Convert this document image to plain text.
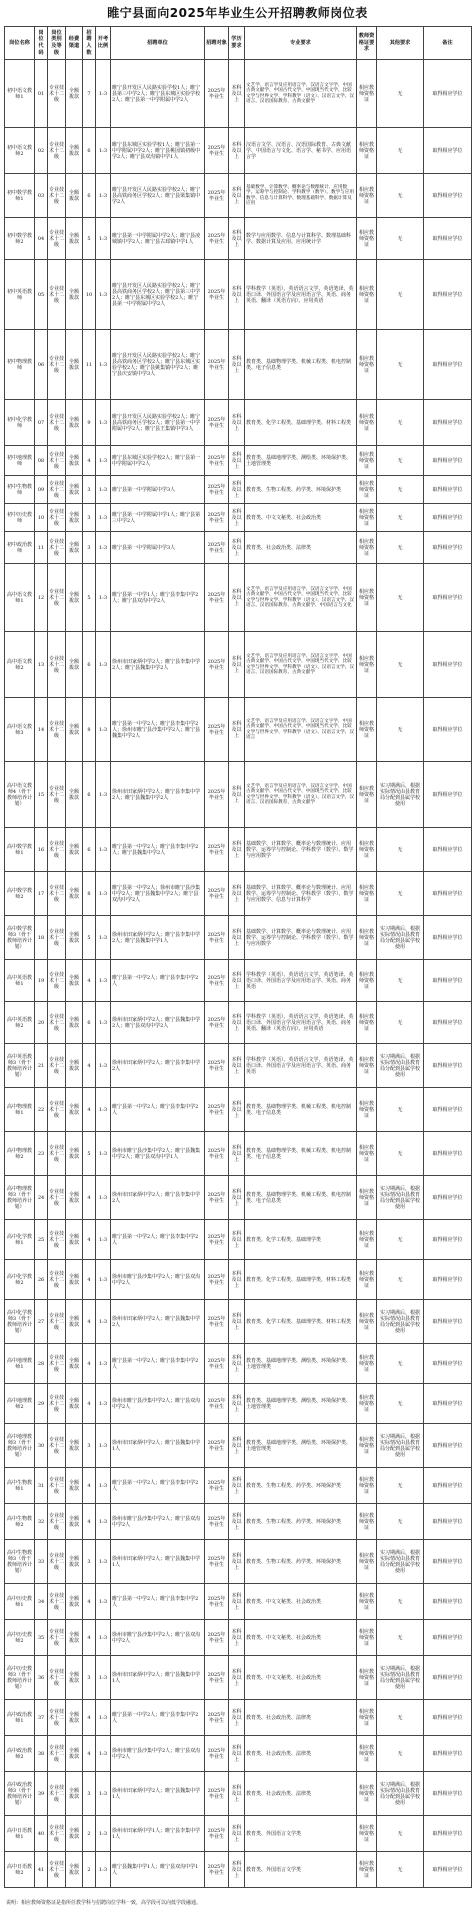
睢宁县面向2025年毕业生公开招聘教师岗位表
岗位名称	岗位代码	岗位类别及等级	经费渠道	招聘人数	开考比例	招聘单位	招聘对象	学历要求	专业要求	教师资格证要求	其他要求	备注
初中语文教师1	01	专业技术十二级	全额拨款	7	1:3	睢宁县开发区人民路实验学校1人；睢宁县第三中学2人；睢宁县东城区实验学校2人；睢宁县第一中学附属中学2人	2025年毕业生	本科及以上	文艺学、语言学及应用语言学、汉语言文字学、中国古典文献学、中国古代文学、中国现当代文学、比较文学与世界文学、学科教学（语文）、汉语言文学、汉语言、汉语国际教育、古典文献学	相应教师资格证	无	取得相应学位
初中语文教师2	02	专业技术十二级	全额拨款	6	1:3	睢宁县东城区实验学校1人；睢宁县第一中学附属中学2人；睢宁县桃园镇初级中学2人；睢宁县双沟镇中学1人	2025年毕业生	本科及以上	汉语言文学、汉语言、汉语国际教育、古典文献学、中国语言与文化、语言学、秘书学、应用语言学	相应教师资格证	无	取得相应学位
初中数学教师1	03	专业技术十二级	全额拨款	6	1:3	睢宁县开发区人民路实验学校2人；睢宁县高铁商务区学校2人；睢宁县梁集镇中学2人	2025年毕业生	本科及以上	基础数学、计算数学、概率论与数理统计、应用数学、运筹学与控制论、学科教学（数学）、数学与应用数学、信息与计算科学、数理基础科学、数据计算及应用	相应教师资格证	无	取得相应学位
初中数学教师2	04	专业技术十二级	全额拨款	5	1:3	睢宁县第一中学附属中学2人；睢宁县凌城镇中学2人；睢宁县古邳镇中学1人	2025年毕业生	本科及以上	数学与应用数学、信息与计算科学、数理基础科学、数据计算及应用、应用统计学	相应教师资格证	无	取得相应学位
初中英语教师	05	专业技术十二级	全额拨款	10	1:3	睢宁县开发区人民路实验学校2人；睢宁县高铁商务区学校2人；睢宁县第三中学2人；睢宁县东城区实验学校2人；睢宁县第一中学附属中学2人	2025年毕业生	本科及以上	学科教学（英语）、英语语言文学、英语笔译、英语口译、外国语言学及应用语言学、英语、商务英语、翻译（英语方向）、应用英语	相应教师资格证	无	取得相应学位
初中物理教师	06	专业技术十二级	全额拨款	11	1:3	睢宁县开发区人民路实验学校2人；睢宁县高铁商务区学校2人；睢宁县东城区实验学校2人；睢宁县姚集镇中学2人；睢宁县庆安镇中学3人	2025年毕业生	本科及以上	教育类、基础物理学类、机械工程类、机电控制类、电子信息类	相应教师资格证	无	取得相应学位
初中化学教师	07	专业技术十二级	全额拨款	9	1:3	睢宁县开发区人民路实验学校2人；睢宁县高铁商务区学校2人；睢宁县第一中学附属中学2人；睢宁县王集镇中学3人	2025年毕业生	本科及以上	教育类、化学工程类、基础理学类、材料工程类	相应教师资格证	无	取得相应学位
初中地理教师	08	专业技术十二级	全额拨款	4	1:3	睢宁县东城区实验学校2人；睢宁县第一中学附属中学2人	2025年毕业生	本科及以上	教育类、基础地理学类、测绘类、环境保护类、土地管理类	相应教师资格证	无	取得相应学位
初中生物教师	09	专业技术十二级	全额拨款	3	1:3	睢宁县第一中学附属中学3人	2025年毕业生	本科及以上	教育类、生物工程类、药学类、环境保护类	相应教师资格证	无	取得相应学位
初中历史教师	10	专业技术十二级	全额拨款	3	1:3	睢宁县第一中学附属中学1人；睢宁县第三中学2人	2025年毕业生	本科及以上	教育类、中文文秘类、社会政治类	相应教师资格证	无	取得相应学位
初中政治教师	11	专业技术十二级	全额拨款	3	1:3	睢宁县第一中学附属中学3人	2025年毕业生	本科及以上	教育类、社会政治类、法律类	相应教师资格证	无	取得相应学位
高中语文教师1	12	专业技术十二级	全额拨款	5	1:3	睢宁县第一中学1人；睢宁县李集中学2人；睢宁县双沟中学2人	2025年毕业生	本科及以上	文艺学、语言学及应用语言学、汉语言文字学、中国古典文献学、中国古代文学、中国现当代文学、比较文学与世界文学、学科教学（语文）、汉语言文学、汉语言、汉语国际教育、古典文献学、中国语言与文化	相应教师资格证	无	取得相应学位
高中语文教师2	13	专业技术十二级	全额拨款	6	1:3	徐州市田家炳中学2人；睢宁县李集中学2人；睢宁县魏集中学2人	2025年毕业生	本科及以上	文艺学、语言学及应用语言学、汉语言文字学、中国古典文献学、中国古代文学、中国现当代文学、比较文学与世界文学、学科教学（语文）、汉语言文学、汉语言、汉语国际教育、古典文献学	相应教师资格证	无	取得相应学位
高中语文教师3	14	专业技术十二级	全额拨款	8	1:3	睢宁县第一中学2人；睢宁县李集中学2人；徐州市睢宁县沙集中学2人；睢宁县魏集中学2人	2025年毕业生	本科及以上	文艺学、语言学及应用语言学、汉语言文字学、中国古典文献学、中国古代文学、中国现当代文学、比较文学与世界文学、学科教学（语文）、汉语言文学、汉语言	相应教师资格证	无	取得相应学位
高中语文教师4（骨干教师培养计划）	15	专业技术十二级	全额拨款	6	1:3	徐州市田家炳中学2人；睢宁县李集中学2人；睢宁县魏集中学2人	2025年毕业生	本科及以上	文艺学、语言学及应用语言学、汉语言文字学、中国古典文献学、中国古代文学、中国现当代文学、比较文学与世界文学、学科教学（语文）、汉语言文学、汉语言、汉语国际教育、古典文献学	相应教师资格证	实习期满后，根据实际情况由县教育局分配到县属学校使用	取得相应学位
高中数学教师1	16	专业技术十二级	全额拨款	6	1:3	睢宁县第一中学2人；睢宁县李集中学2人；睢宁县魏集中学2人	2025年毕业生	本科及以上	基础数学、计算数学、概率论与数理统计、应用数学、运筹学与控制论、学科教学（数学）、数学与应用数学	相应教师资格证	无	取得相应学位
高中数学教师2	17	专业技术十二级	全额拨款	8	1:3	睢宁县第一中学2人；徐州市睢宁县沙集中学2人；睢宁县魏集中学2人；睢宁县双沟中学2人	2025年毕业生	本科及以上	基础数学、计算数学、概率论与数理统计、应用数学、运筹学与控制论、学科教学（数学）、数学与应用数学、信息与计算科学	相应教师资格证	无	取得相应学位
高中数学教师3（骨干教师培养计划）	18	专业技术十二级	全额拨款	5	1:3	徐州市田家炳中学2人；睢宁县李集中学2人；睢宁县魏集中学1人	2025年毕业生	本科及以上	基础数学、计算数学、概率论与数理统计、应用数学、运筹学与控制论、学科教学（数学）、数学与应用数学	相应教师资格证	实习期满后，根据实际情况由县教育局分配到县属学校使用	取得相应学位
高中英语教师1	19	专业技术十二级	全额拨款	4	1:3	睢宁县第一中学2人；睢宁县李集中学2人	2025年毕业生	本科及以上	学科教学（英语）、英语语言文学、英语笔译、英语口译、外国语言学及应用语言学、英语、商务英语	相应教师资格证	无	取得相应学位
高中英语教师2	20	专业技术十二级	全额拨款	6	1:3	徐州市田家炳中学2人；睢宁县魏集中学2人；睢宁县双沟中学2人	2025年毕业生	本科及以上	学科教学（英语）、英语语言文学、英语笔译、英语口译、外国语言学及应用语言学、英语、商务英语、翻译（英语方向）、应用英语	相应教师资格证	无	取得相应学位
高中英语教师3（骨干教师培养计划）	21	专业技术十二级	全额拨款	4	1:3	徐州市田家炳中学2人；睢宁县李集中学2人	2025年毕业生	本科及以上	学科教学（英语）、英语语言文学、英语笔译、英语口译、外国语言学及应用语言学、英语、商务英语	相应教师资格证	实习期满后，根据实际情况由县教育局分配到县属学校使用	取得相应学位
高中物理教师1	22	专业技术十二级	全额拨款	4	1:3	睢宁县第一中学2人；睢宁县李集中学2人	2025年毕业生	本科及以上	教育类、基础物理学类、机械工程类、机电控制类、电子信息类	相应教师资格证	无	取得相应学位
高中物理教师2	23	专业技术十二级	全额拨款	5	1:3	徐州市睢宁县沙集中学2人；睢宁县魏集中学2人；睢宁县双沟中学1人	2025年毕业生	本科及以上	教育类、基础物理学类、机械工程类、机电控制类、电子信息类	相应教师资格证	无	取得相应学位
高中物理教师3（骨干教师培养计划）	24	专业技术十二级	全额拨款	4	1:3	徐州市田家炳中学2人；睢宁县李集中学2人	2025年毕业生	本科及以上	教育类、基础物理学类、机械工程类、机电控制类、电子信息类	相应教师资格证	实习期满后，根据实际情况由县教育局分配到县属学校使用	取得相应学位
高中化学教师1	25	专业技术十二级	全额拨款	4	1:3	睢宁县第一中学2人；睢宁县李集中学2人	2025年毕业生	本科及以上	教育类、化学工程类、基础理学类	相应教师资格证	无	取得相应学位
高中化学教师2	26	专业技术十二级	全额拨款	4	1:3	徐州市睢宁县沙集中学2人；睢宁县双沟中学2人	2025年毕业生	本科及以上	教育类、化学工程类、基础理学类、材料工程类	相应教师资格证	无	取得相应学位
高中化学教师3（骨干教师培养计划）	27	专业技术十二级	全额拨款	4	1:3	徐州市田家炳中学2人；睢宁县魏集中学2人	2025年毕业生	本科及以上	教育类、化学工程类、基础理学类、材料工程类	相应教师资格证	实习期满后，根据实际情况由县教育局分配到县属学校使用	取得相应学位
高中地理教师1	28	专业技术十二级	全额拨款	4	1:3	睢宁县第一中学2人；睢宁县李集中学2人	2025年毕业生	本科及以上	教育类、基础地理学类、测绘类、环境保护类、土地管理类	相应教师资格证	无	取得相应学位
高中地理教师2	29	专业技术十二级	全额拨款	4	1:3	徐州市睢宁县沙集中学2人；睢宁县双沟中学2人	2025年毕业生	本科及以上	教育类、基础地理学类、测绘类、环境保护类、土地管理类	相应教师资格证	无	取得相应学位
高中地理教师3（骨干教师培养计划）	30	专业技术十二级	全额拨款	3	1:3	徐州市田家炳中学2人；睢宁县魏集中学1人	2025年毕业生	本科及以上	教育类、基础地理学类、测绘类、环境保护类、土地管理类	相应教师资格证	实习期满后，根据实际情况由县教育局分配到县属学校使用	取得相应学位
高中生物教师1	31	专业技术十二级	全额拨款	4	1:3	睢宁县第一中学2人；睢宁县李集中学2人	2025年毕业生	本科及以上	教育类、生物工程类、药学类、环境保护类	相应教师资格证	无	取得相应学位
高中生物教师2	32	专业技术十二级	全额拨款	4	1:3	徐州市睢宁县沙集中学2人；睢宁县双沟中学2人	2025年毕业生	本科及以上	教育类、生物工程类、药学类、环境保护类	相应教师资格证	无	取得相应学位
高中生物教师3（骨干教师培养计划）	33	专业技术十二级	全额拨款	3	1:3	徐州市田家炳中学2人；睢宁县魏集中学1人	2025年毕业生	本科及以上	教育类、生物工程类、药学类、环境保护类	相应教师资格证	实习期满后，根据实际情况由县教育局分配到县属学校使用	取得相应学位
高中历史教师1	34	专业技术十二级	全额拨款	4	1:3	睢宁县第一中学2人；睢宁县李集中学2人	2025年毕业生	本科及以上	教育类、中文文秘类、社会政治类	相应教师资格证	无	取得相应学位
高中历史教师2	35	专业技术十二级	全额拨款	4	1:3	徐州市睢宁县沙集中学2人；睢宁县双沟中学2人	2025年毕业生	本科及以上	教育类、中文文秘类、社会政治类	相应教师资格证	无	取得相应学位
高中历史教师3（骨干教师培养计划）	36	专业技术十二级	全额拨款	3	1:3	徐州市田家炳中学2人；睢宁县魏集中学1人	2025年毕业生	本科及以上	教育类、中文文秘类、社会政治类	相应教师资格证	实习期满后，根据实际情况由县教育局分配到县属学校使用	取得相应学位
高中政治教师1	37	专业技术十二级	全额拨款	4	1:3	睢宁县第一中学2人；睢宁县李集中学2人	2025年毕业生	本科及以上	教育类、社会政治类、法律类	相应教师资格证	无	取得相应学位
高中政治教师2	38	专业技术十二级	全额拨款	4	1:3	徐州市睢宁县沙集中学2人；睢宁县双沟中学2人	2025年毕业生	本科及以上	教育类、社会政治类、法律类	相应教师资格证	无	取得相应学位
高中政治教师3（骨干教师培养计划）	39	专业技术十二级	全额拨款	3	1:3	徐州市田家炳中学2人；睢宁县魏集中学1人	2025年毕业生	本科及以上	教育类、社会政治类、法律类	相应教师资格证	实习期满后，根据实际情况由县教育局分配到县属学校使用	取得相应学位
高中日语教师1	40	专业技术十二级	全额拨款	2	1:3	徐州市田家炳中学1人；睢宁县李集中学1人	2025年毕业生	本科及以上	教育类、外国语言文学类	相应教师资格证	无	取得相应学位
高中日语教师2	41	专业技术十二级	全额拨款	2	1:3	睢宁县魏集中学1人；睢宁县双沟中学1人	2025年毕业生	本科及以上	教育类、外国语言文学类	相应教师资格证	无	取得相应学位
说明：相应教师资格证是指所任教学科与招聘岗位学科一致，高学段可以向低学段融通。
